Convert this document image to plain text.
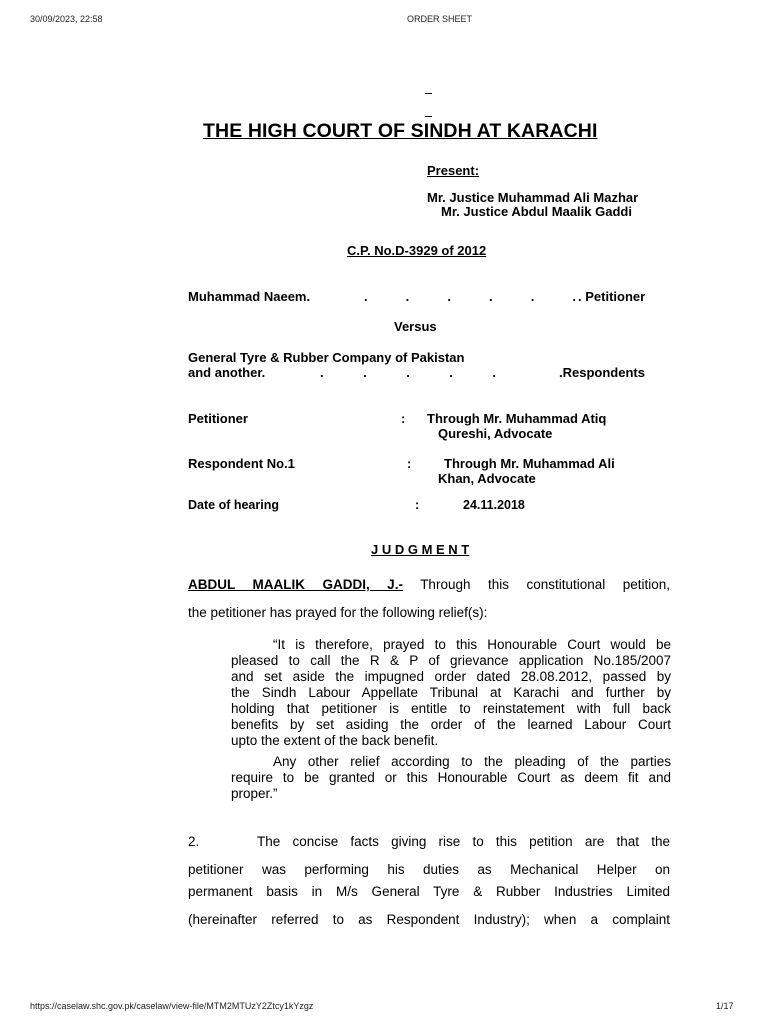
30/09/2023, 22:58	ORDER SHEET
THE HIGH COURT OF SINDH AT KARACHI
Present:
Mr. Justice Muhammad Ali Mazhar
Mr. Justice Abdul Maalik Gaddi
C.P. No.D-3929 of 2012
Muhammad Naeem.	.	.	.	.	.	. . Petitioner
Versus
General Tyre & Rubber Company of Pakistan
and another.	.	.	.	.	.	.Respondents
Petitioner	: Through Mr. Muhammad Atiq
Qureshi, Advocate
Respondent No.1	:	Through Mr. Muhammad Ali
Khan, Advocate
Date of hearing	:	24.11.2018
J U D G M E N T
ABDUL MAALIK GADDI, J.- Through this constitutional petition,
the petitioner has prayed for the following relief(s):
“It is therefore, prayed to this Honourable Court would be
pleased to call the R & P of grievance application No.185/2007
and set aside the impugned order dated 28.08.2012, passed by
the Sindh Labour Appellate Tribunal at Karachi and further by
holding that petitioner is entitle to reinstatement with full back
benefits by set asiding the order of the learned Labour Court
upto the extent of the back benefit.
Any other relief according to the pleading of the parties
require to be granted or this Honourable Court as deem fit and
proper.”
2.	The concise facts giving rise to this petition are that the
petitioner was performing his duties as Mechanical Helper on
permanent basis in M/s General Tyre & Rubber Industries Limited
(hereinafter referred to as Respondent Industry); when a complaint
https://caselaw.shc.gov.pk/caselaw/view-file/MTM2MTUzY2Ztcy1kYzgz	1/17
